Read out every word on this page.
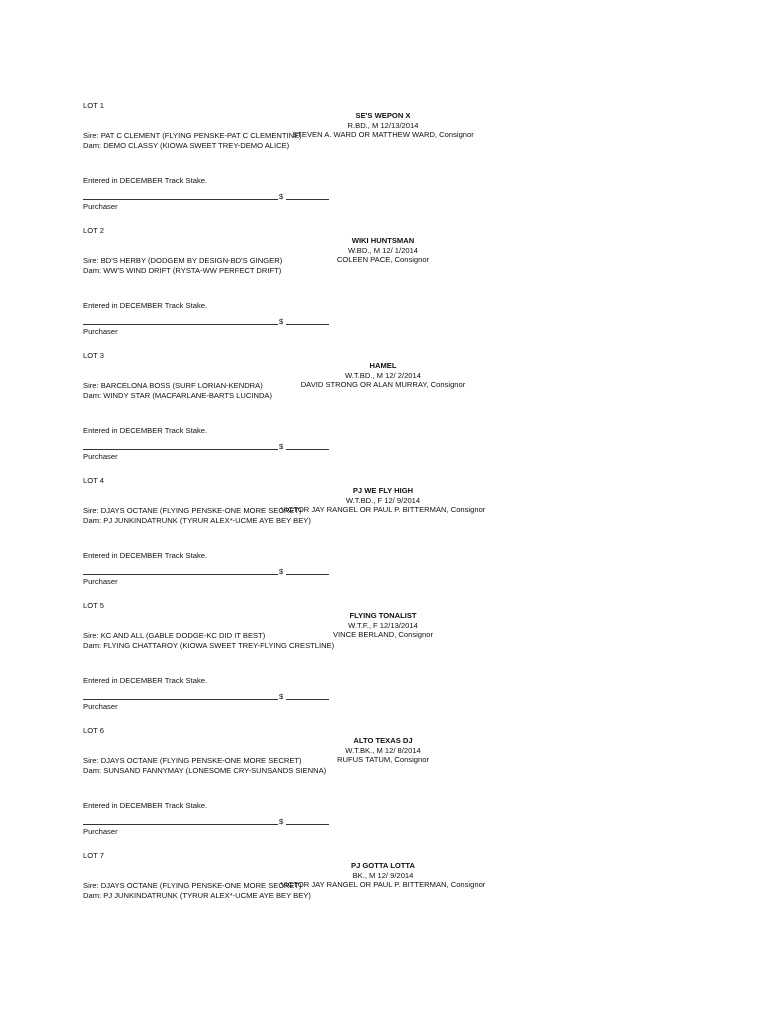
LOT 1
SE'S WEPON X
R.BD., M 12/13/2014
STEVEN A. WARD OR MATTHEW WARD, Consignor
Sire: PAT C CLEMENT (FLYING PENSKE-PAT C CLEMENTINE)
Dam: DEMO CLASSY (KIOWA SWEET TREY-DEMO ALICE)
Entered in DECEMBER Track Stake.
$
Purchaser
LOT 2
WIKI HUNTSMAN
W.BD., M 12/ 1/2014
COLEEN PACE, Consignor
Sire: BD'S HERBY (DODGEM BY DESIGN-BD'S GINGER)
Dam: WW'S WIND DRIFT (RYSTA-WW PERFECT DRIFT)
Entered in DECEMBER Track Stake.
$
Purchaser
LOT 3
HAMEL
W.T.BD., M 12/ 2/2014
DAVID STRONG OR ALAN MURRAY, Consignor
Sire: BARCELONA BOSS (SURF LORIAN-KENDRA)
Dam: WINDY STAR (MACFARLANE-BARTS LUCINDA)
Entered in DECEMBER Track Stake.
$
Purchaser
LOT 4
PJ WE FLY HIGH
W.T.BD., F 12/ 9/2014
VICTOR JAY RANGEL OR PAUL P. BITTERMAN, Consignor
Sire: DJAYS OCTANE (FLYING PENSKE-ONE MORE SECRET)
Dam: PJ JUNKINDATRUNK (TYRUR ALEX*-UCME AYE BEY BEY)
Entered in DECEMBER Track Stake.
$
Purchaser
LOT 5
FLYING TONALIST
W.T.F., F 12/13/2014
VINCE BERLAND, Consignor
Sire: KC AND ALL (GABLE DODGE-KC DID IT BEST)
Dam: FLYING CHATTAROY (KIOWA SWEET TREY-FLYING CRESTLINE)
Entered in DECEMBER Track Stake.
$
Purchaser
LOT 6
ALTO TEXAS DJ
W.T.BK., M 12/ 8/2014
RUFUS TATUM, Consignor
Sire: DJAYS OCTANE (FLYING PENSKE-ONE MORE SECRET)
Dam: SUNSAND FANNYMAY (LONESOME CRY-SUNSANDS SIENNA)
Entered in DECEMBER Track Stake.
$
Purchaser
LOT 7
PJ GOTTA LOTTA
BK., M 12/ 9/2014
VICTOR JAY RANGEL OR PAUL P. BITTERMAN, Consignor
Sire: DJAYS OCTANE (FLYING PENSKE-ONE MORE SECRET)
Dam: PJ JUNKINDATRUNK (TYRUR ALEX*-UCME AYE BEY BEY)
